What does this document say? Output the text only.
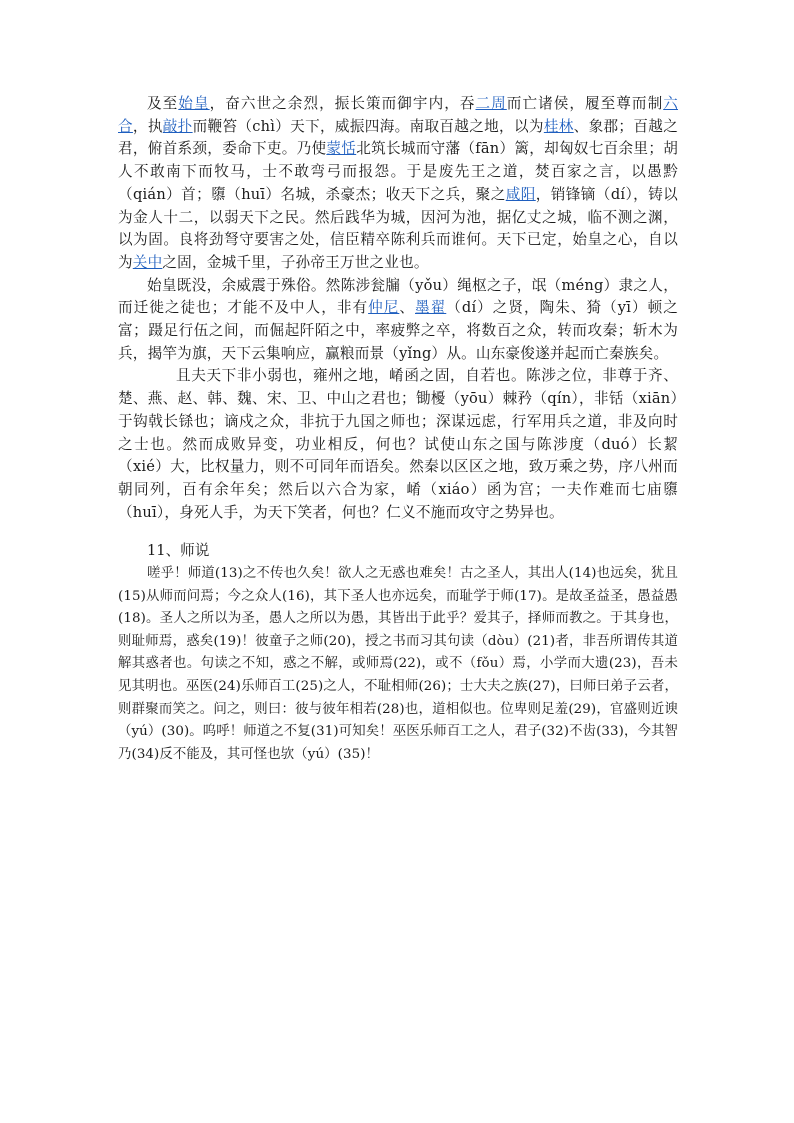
及至始皇，奋六世之余烈，振长策而御宇内，吞二周而亡诸侯，履至尊而制六合，执敲扑而鞭笞（chì）天下，威振四海。南取百越之地，以为桂林、象郡；百越之君，俯首系颈，委命下吏。乃使蒙恬北筑长城而守藩（fān）篱，却匈奴七百余里；胡人不敢南下而牧马，士不敢弯弓而报怨。于是废先王之道，焚百家之言，以愚黔（qián）首；隳（huī）名城，杀豪杰；收天下之兵，聚之咸阳，销锋镝（dí），铸以为金人十二，以弱天下之民。然后践华为城，因河为池，据亿丈之城，临不测之渊，以为固。良将劲弩守要害之处，信臣精卒陈利兵而谁何。天下已定，始皇之心，自以为关中之固，金城千里，子孙帝王万世之业也。

始皇既没，余威震于殊俗。然陈涉瓮牖（yǒu）绳枢之子，氓（méng）隶之人，而迁徙之徒也；才能不及中人，非有仲尼、墨翟（dí）之贤，陶朱、猗（yī）顿之富；蹑足行伍之间，而倔起阡陌之中，率疲弊之卒，将数百之众，转而攻秦；斩木为兵，揭竿为旗，天下云集响应，赢粮而景（yǐng）从。山东豪俊遂并起而亡秦族矣。

且夫天下非小弱也，雍州之地，崤函之固，自若也。陈涉之位，非尊于齐、楚、燕、赵、韩、魏、宋、卫、中山之君也；锄櫌（yōu）棘矜（qín），非铦（xiān）于钩戟长铩也；谪戍之众，非抗于九国之师也；深谋远虑，行军用兵之道，非及向时之士也。然而成败异变，功业相反，何也？试使山东之国与陈涉度（duó）长絜（xié）大，比权量力，则不可同年而语矣。然秦以区区之地，致万乘之势，序八州而朝同列，百有余年矣；然后以六合为家，崤（xiáo）函为宫；一夫作难而七庙隳（huī），身死人手，为天下笑者，何也？仁义不施而攻守之势异也。

11、师说

嗟乎！师道(13)之不传也久矣！欲人之无惑也难矣！古之圣人，其出人(14)也远矣，犹且(15)从师而问焉；今之众人(16)，其下圣人也亦远矣，而耻学于师(17)。是故圣益圣，愚益愚(18)。圣人之所以为圣，愚人之所以为愚，其皆出于此乎？爱其子，择师而教之。于其身也，则耻师焉，惑矣(19)！彼童子之师(20)，授之书而习其句读（dòu）(21)者，非吾所谓传其道解其惑者也。句读之不知，惑之不解，或师焉(22)，或不（fǒu）焉，小学而大遗(23)，吾未见其明也。巫医(24)乐师百工(25)之人，不耻相师(26)；士大夫之族(27)，曰师曰弟子云者，则群聚而笑之。问之，则曰：彼与彼年相若(28)也，道相似也。位卑则足羞(29)，官盛则近谀（yú）(30)。呜呼！师道之不复(31)可知矣！巫医乐师百工之人，君子(32)不齿(33)，今其智乃(34)反不能及，其可怪也欤（yú）(35)！
